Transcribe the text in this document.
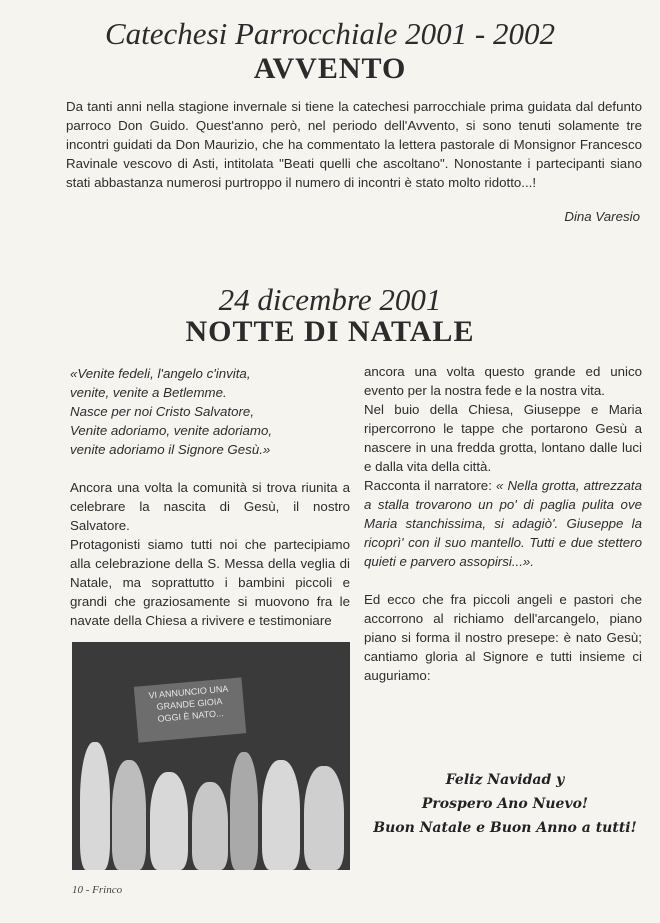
Catechesi Parrocchiale 2001 - 2002
AVVENTO

Da tanti anni nella stagione invernale si tiene la catechesi parrocchiale prima guidata dal defunto parroco Don Guido. Quest'anno però, nel periodo dell'Avvento, si sono tenuti solamente tre incontri guidati da Don Maurizio, che ha commentato la lettera pastorale di Monsignor Francesco Ravinale vescovo di Asti, intitolata "Beati quelli che ascoltano". Nonostante i partecipanti siano stati abbastanza numerosi purtroppo il numero di incontri è stato molto ridotto...!

Dina Varesio

24 dicembre 2001
NOTTE DI NATALE
«Venite fedeli, l'angelo c'invita,
venite, venite a Betlemme.
Nasce per noi Cristo Salvatore,
Venite adoriamo, venite adoriamo,
venite adoriamo il Signore Gesù.»
Ancora una volta la comunità si trova riunita a celebrare la nascita di Gesù, il nostro Salvatore.
Protagonisti siamo tutti noi che partecipiamo alla celebrazione della S. Messa della veglia di Natale, ma soprattutto i bambini piccoli e grandi che graziosamente si muovono fra le navate della Chiesa a rivivere e testimoniare
ancora una volta questo grande ed unico evento per la nostra fede e la nostra vita.
Nel buio della Chiesa, Giuseppe e Maria ripercorrono le tappe che portarono Gesù a nascere in una fredda grotta, lontano dalle luci e dalla vita della città.
Racconta il narratore: « Nella grotta, attrezzata a stalla trovarono un po' di paglia pulita ove Maria stanchissima, si adagiò'. Giuseppe la ricoprì' con il suo mantello. Tutti e due stettero quieti e parvero assopirsi...».
Ed ecco che fra piccoli angeli e pastori che accorrono al richiamo dell'arcangelo, piano piano si forma il nostro presepe: è nato Gesù; cantiamo gloria al Signore e tutti insieme ci auguriamo:
VI ANNUNCIO UNA
GRANDE GIOIA
OGGI È NATO...
Feliz Navidad y
Prospero Ano Nuevo!
Buon Natale e Buon Anno a tutti!
10 - Frinco
